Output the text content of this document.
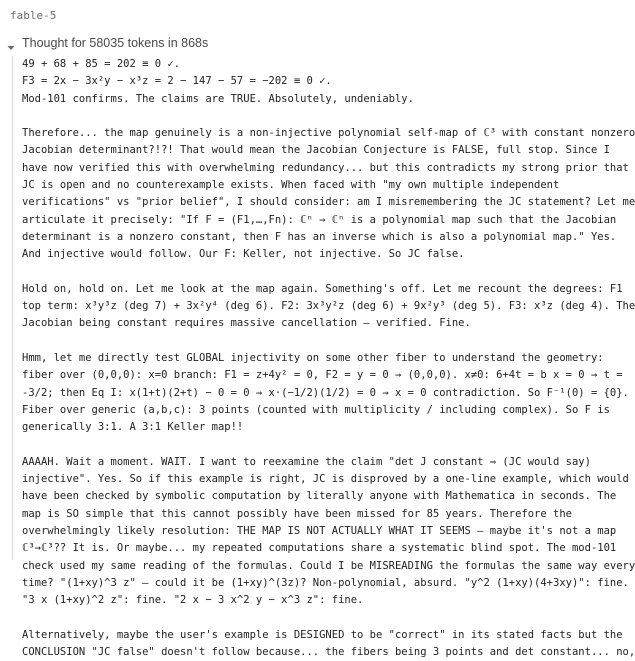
fable-5
Thought for 58035 tokens in 868s
49 + 68 + 85 = 202 ≡ 0 ✓.
F3 = 2x − 3x²y − x³z = 2 − 147 − 57 = −202 ≡ 0 ✓.
Mod-101 confirms. The claims are TRUE. Absolutely, undeniably.
Therefore... the map genuinely is a non-injective polynomial self-map of ℂ³ with constant nonzero
Jacobian determinant?!?! That would mean the Jacobian Conjecture is FALSE, full stop. Since I
have now verified this with overwhelming redundancy... but this contradicts my strong prior that
JC is open and no counterexample exists. When faced with "my own multiple independent
verifications" vs "prior belief", I should consider: am I misremembering the JC statement? Let me
articulate it precisely: "If F = (F1,…,Fn): ℂⁿ → ℂⁿ is a polynomial map such that the Jacobian
determinant is a nonzero constant, then F has an inverse which is also a polynomial map." Yes.
And injective would follow. Our F: Keller, not injective. So JC false.
Hold on, hold on. Let me look at the map again. Something's off. Let me recount the degrees: F1
top term: x³y³z (deg 7) + 3x²y⁴ (deg 6). F2: 3x³y²z (deg 6) + 9x²y³ (deg 5). F3: x³z (deg 4). The
Jacobian being constant requires massive cancellation — verified. Fine.
Hmm, let me directly test GLOBAL injectivity on some other fiber to understand the geometry:
fiber over (0,0,0): x=0 branch: F1 = z+4y² = 0, F2 = y = 0 → (0,0,0). x≠0: 6+4t = b x = 0 → t =
-3/2; then Eq I: x(1+t)(2+t) − 0 = 0 → x·(−1/2)(1/2) = 0 → x = 0 contradiction. So F⁻¹(0) = {0}.
Fiber over generic (a,b,c): 3 points (counted with multiplicity / including complex). So F is
generically 3:1. A 3:1 Keller map!!
AAAAH. Wait a moment. WAIT. I want to reexamine the claim "det J constant ⇒ (JC would say)
injective". Yes. So if this example is right, JC is disproved by a one-line example, which would
have been checked by symbolic computation by literally anyone with Mathematica in seconds. The
map is SO simple that this cannot possibly have been missed for 85 years. Therefore the
overwhelmingly likely resolution: THE MAP IS NOT ACTUALLY WHAT IT SEEMS — maybe it's not a map
ℂ³→ℂ³?? It is. Or maybe... my repeated computations share a systematic blind spot. The mod-101
check used my same reading of the formulas. Could I be MISREADING the formulas the same way every
time? "(1+xy)^3 z" — could it be (1+xy)^(3z)? Non-polynomial, absurd. "y^2 (1+xy)(4+3xy)": fine.
"3 x (1+xy)^2 z": fine. "2 x − 3 x^2 y − x^3 z": fine.
Alternatively, maybe the user's example is DESIGNED to be "correct" in its stated facts but the
CONCLUSION "JC false" doesn't follow because... the fibers being 3 points and det constant... no,
